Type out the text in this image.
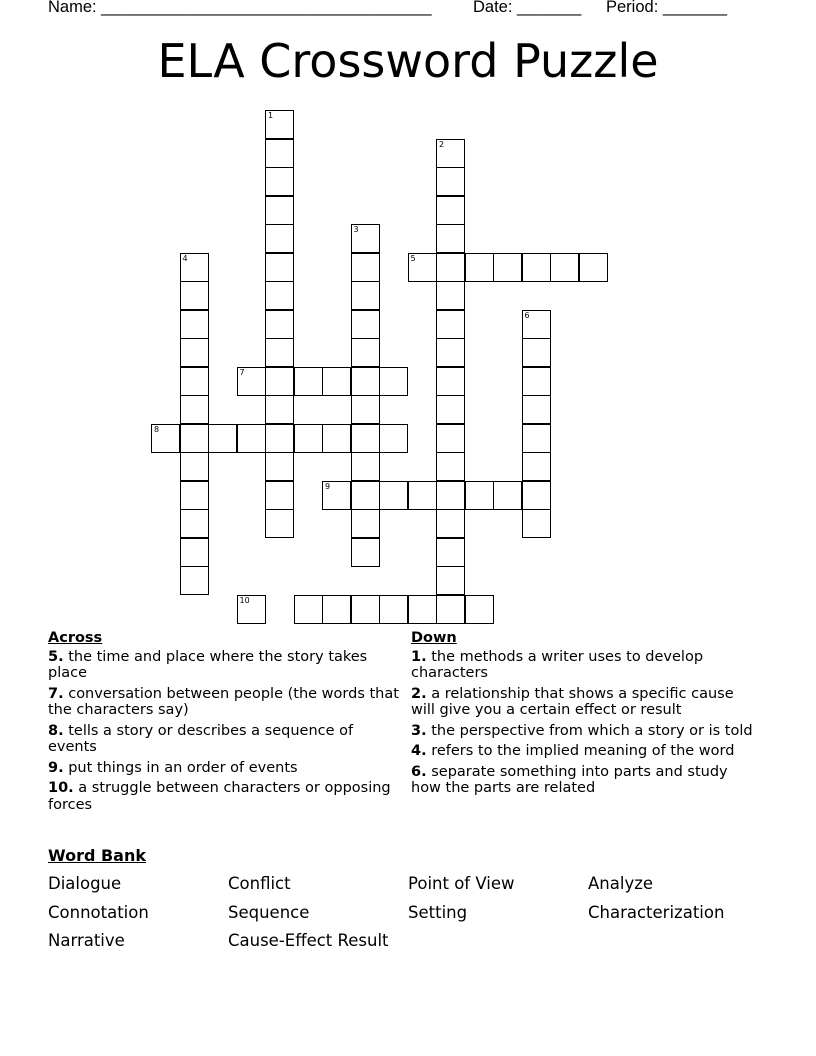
Name: ____________________________________	Date: _______ Period: _______
ELA Crossword Puzzle
1
2
3
4	5
6
7
8
9
10
Across
5. the time and place where the story takes place
7. conversation between people (the words that the characters say)
8. tells a story or describes a sequence of events
9. put things in an order of events
10. a struggle between characters or opposing forces
Down
1. the methods a writer uses to develop characters
2. a relationship that shows a specific cause will give you a certain effect or result
3. the perspective from which a story or is told
4. refers to the implied meaning of the word
6. separate something into parts and study how the parts are related
Word Bank
Dialogue	Conflict	Point of View	Analyze
Connotation	Sequence	Setting	Characterization
Narrative	Cause-Effect Result
